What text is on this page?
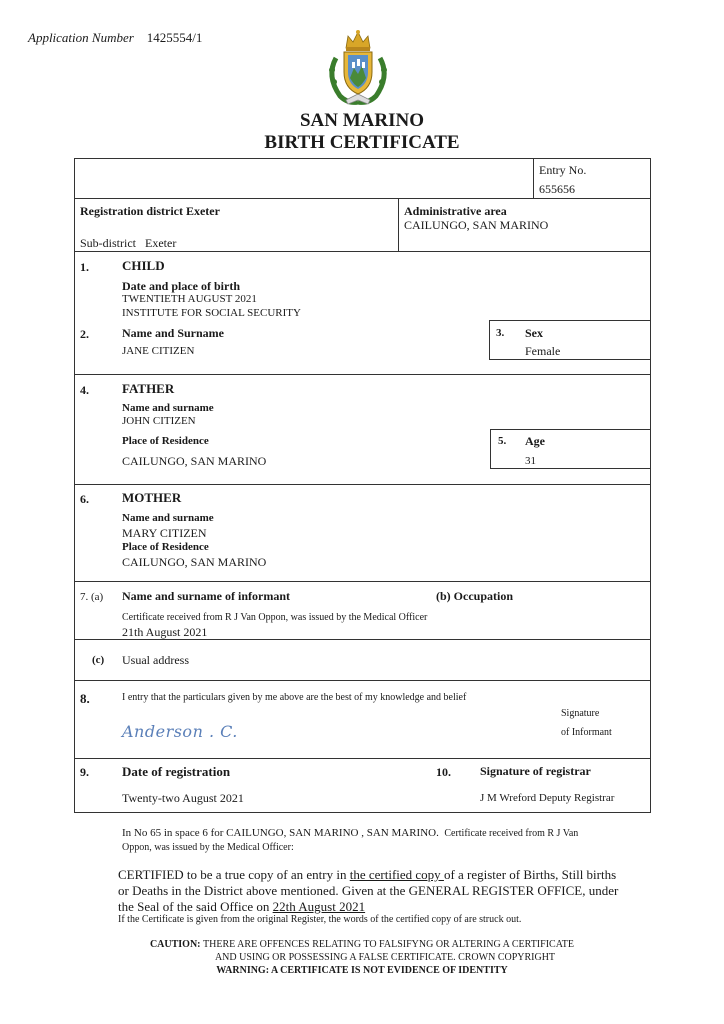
Application Number 1425554/1
SAN MARINO
BIRTH CERTIFICATE
Entry No.
655656
Registration district Exeter
Sub-district Exeter
Administrative area
CAILUNGO, SAN MARINO
1.	CHILD
Date and place of birth
TWENTIETH AUGUST 2021
INSTITUTE FOR SOCIAL SECURITY
2.	Name and Surname
JANE CITIZEN
3. Sex
Female
4.	FATHER
Name and surname
JOHN CITIZEN
Place of Residence
CAILUNGO, SAN MARINO
5. Age
31
6.	MOTHER
Name and surname
MARY CITIZEN
Place of Residence
CAILUNGO, SAN MARINO
7. (a) Name and surname of informant	(b) Occupation
Certificate received from R J Van Oppon, was issued by the Medical Officer
21th August 2021
(c) Usual address
8.	I entry that the particulars given by me above are the best of my knowledge and belief
Anderson . C.
Signature
of Informant
9.	Date of registration
Twenty-two August 2021
10. Signature of registrar
J M Wreford Deputy Registrar
In No 65 in space 6 for CAILUNGO, SAN MARINO , SAN MARINO. Certificate received from R J Van
Oppon, was issued by the Medical Officer:
CERTIFIED to be a true copy of an entry in the certified copy of a register of Births, Still births
or Deaths in the District above mentioned. Given at the GENERAL REGISTER OFFICE, under
the Seal of the said Office on 22th August 2021
If the Certificate is given from the original Register, the words of the certified copy of are struck out.
CAUTION: THERE ARE OFFENCES RELATING TO FALSIFYNG OR ALTERING A CERTIFICATE
AND USING OR POSSESSING A FALSE CERTIFICATE. CROWN COPYRIGHT
WARNING: A CERTIFICATE IS NOT EVIDENCE OF IDENTITY
